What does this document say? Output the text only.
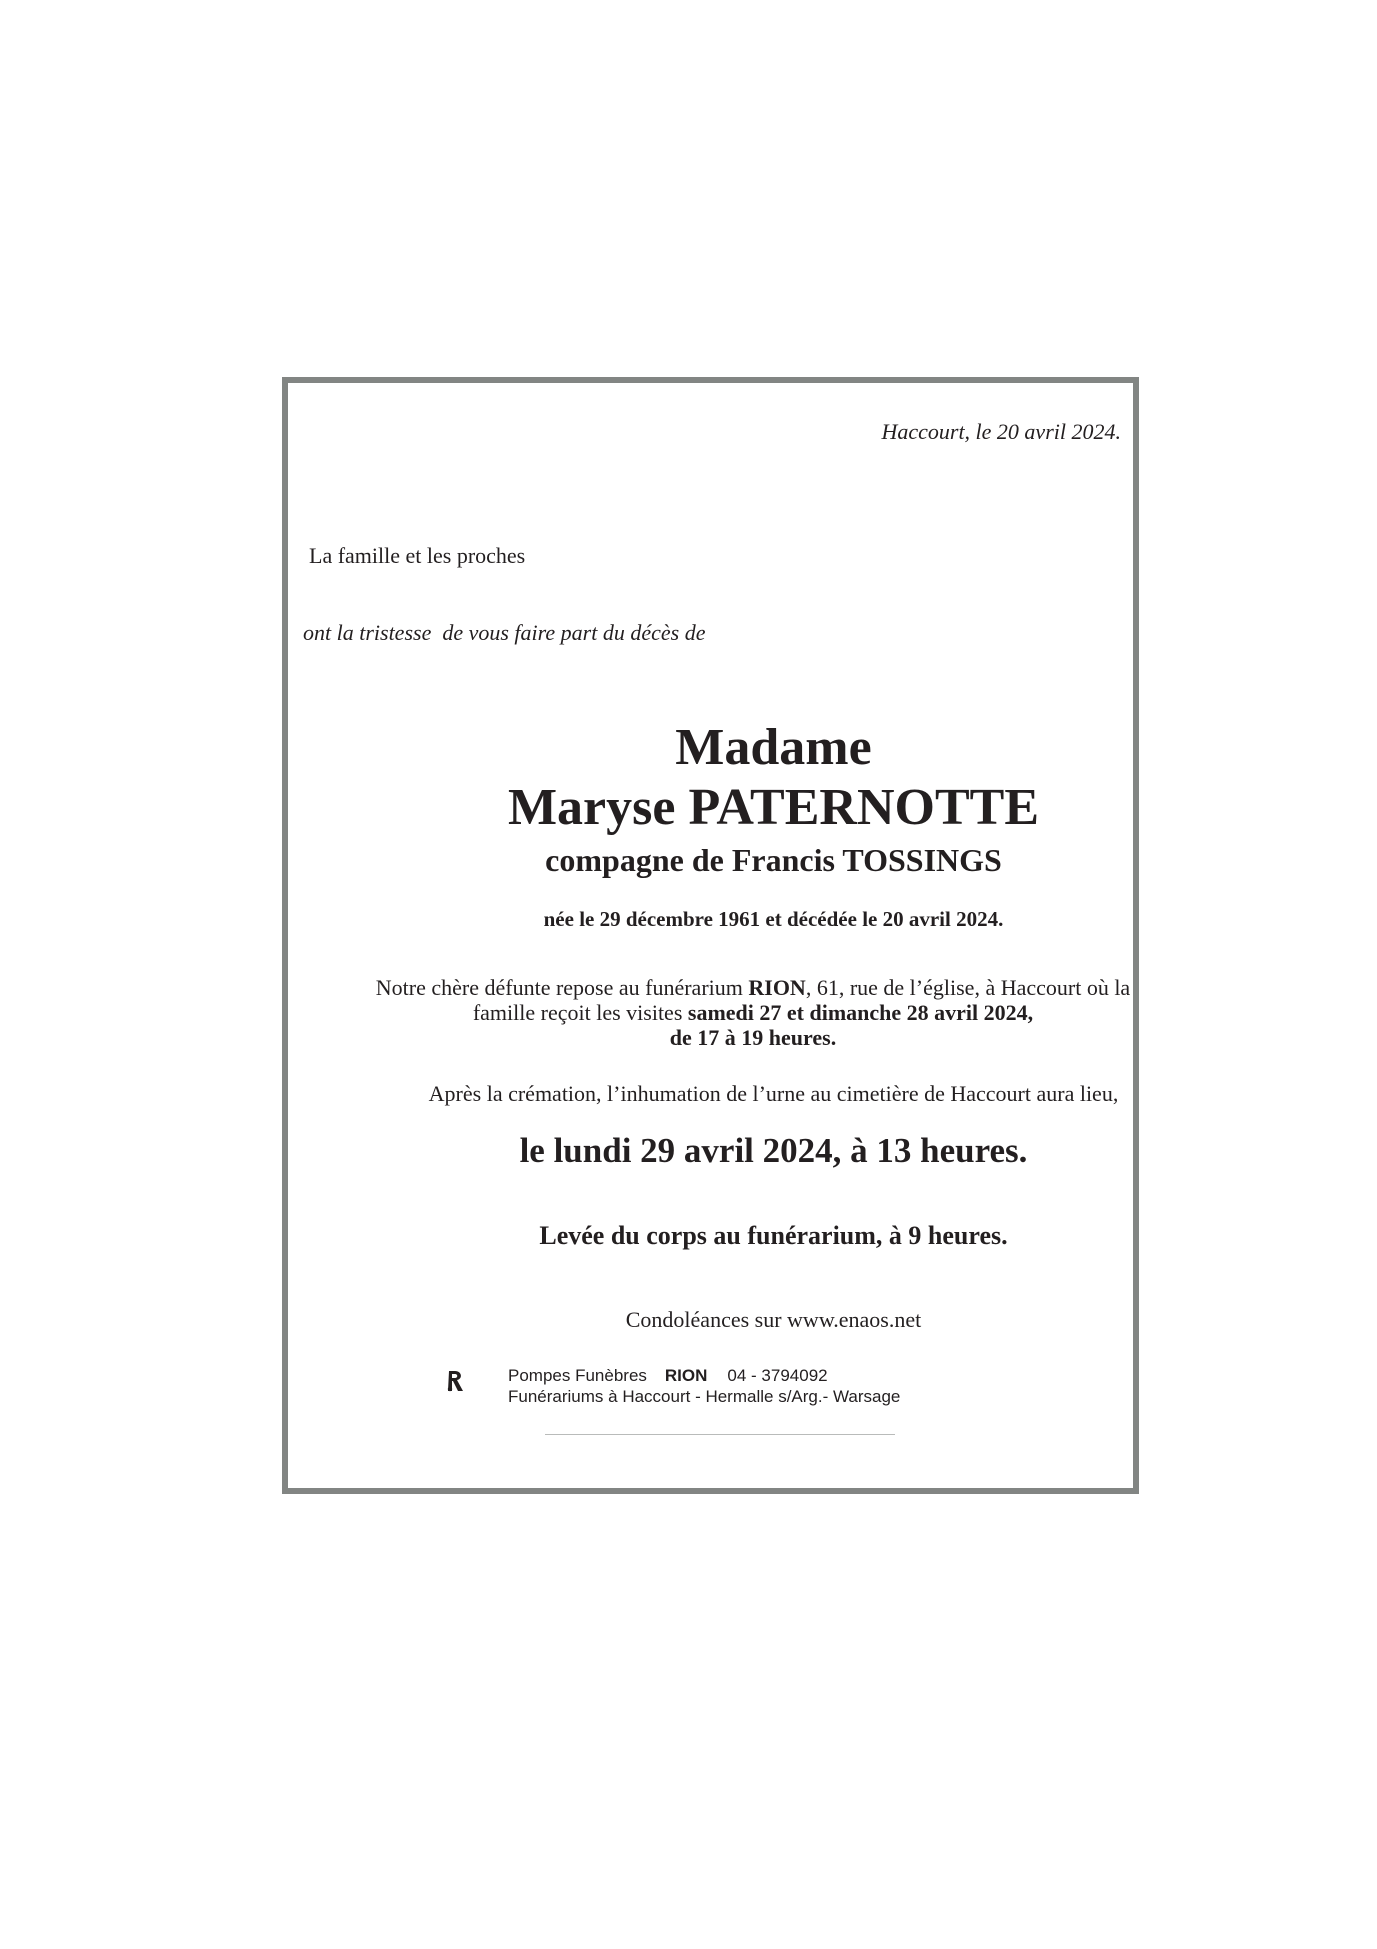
Haccourt, le 20 avril 2024.
La famille et les proches
ont la tristesse  de vous faire part du décès de
Madame
Maryse PATERNOTTE
compagne de Francis TOSSINGS
née le 29 décembre 1961 et décédée le 20 avril 2024.
Notre chère défunte repose au funérarium RION, 61, rue de l’église, à Haccourt où la famille reçoit les visites samedi 27 et dimanche 28 avril 2024,
de 17 à 19 heures.
Après la crémation, l’inhumation de l’urne au cimetière de Haccourt aura lieu,
le lundi 29 avril 2024, à 13 heures.
Levée du corps au funérarium, à 9 heures.
Condoléances sur www.enaos.net
Pompes Funèbres RION 04 - 3794092
Funérariums à Haccourt - Hermalle s/Arg.- Warsage
